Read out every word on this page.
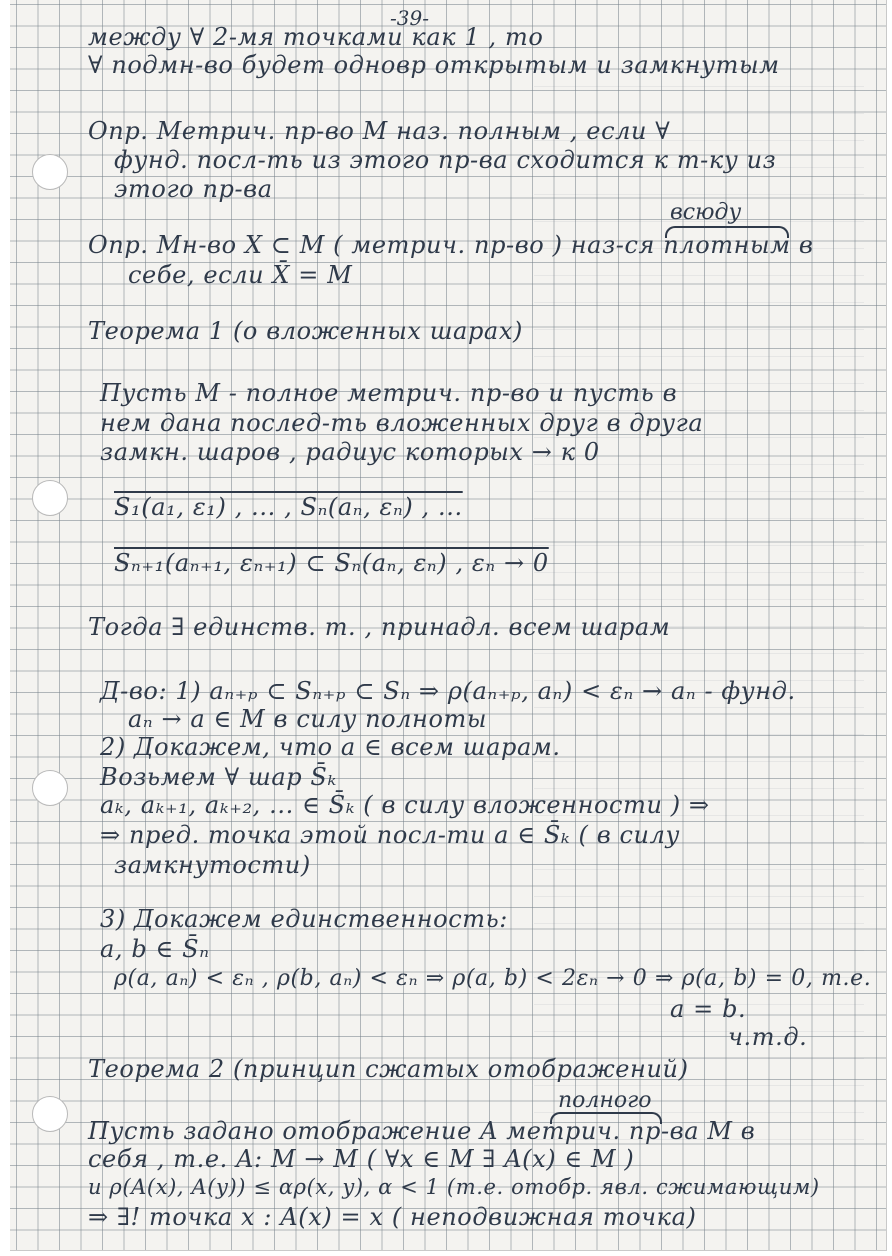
-39-
между ∀ 2-мя точками как 1 , то
∀ подмн-во будет одновр открытым и замкнутым
Опр. Метрич. пр-во M наз. полным , если ∀
фунд. посл-ть из этого пр-ва сходится к т-ку из
этого пр-ва
всюду
Опр. Мн-во X ⊂ M ( метрич. пр-во ) наз-ся плотным в
себе, если X̄ = M
Теорема 1 (о вложенных шарах)
Пусть M - полное метрич. пр-во и пусть в
нем дана послед-ть вложенных друг в друга
замкн. шаров , радиус которых → к 0
S₁(a₁, ε₁) , ... , Sₙ(aₙ, εₙ) , ...
Sₙ₊₁(aₙ₊₁, εₙ₊₁) ⊂ Sₙ(aₙ, εₙ) , εₙ → 0
Тогда ∃ единств. т. , принадл. всем шарам
Д-во: 1) aₙ₊ₚ ⊂ Sₙ₊ₚ ⊂ Sₙ ⇒ ρ(aₙ₊ₚ, aₙ) < εₙ → aₙ - фунд.
aₙ → a ∈ M в силу полноты
2) Докажем, что a ∈ всем шарам.
Возьмем ∀ шар S̄ₖ
aₖ, aₖ₊₁, aₖ₊₂, ... ∈ S̄ₖ ( в силу вложенности ) ⇒
⇒ пред. точка этой посл-ти a ∈ S̄ₖ ( в силу
замкнутости)
3) Докажем единственность:
a, b ∈ S̄ₙ
ρ(a, aₙ) < εₙ , ρ(b, aₙ) < εₙ ⇒ ρ(a, b) < 2εₙ → 0 ⇒ ρ(a, b) = 0, т.е.
a = b.
ч.т.д.
Теорема 2 (принцип сжатых отображений)
полного
Пусть задано отображение A метрич. пр-ва M в
себя , т.е. A: M → M ( ∀x ∈ M ∃ A(x) ∈ M )
и ρ(A(x), A(y)) ≤ αρ(x, y), α < 1 (т.е. отобр. явл. сжимающим)
⇒ ∃! точка x : A(x) = x ( неподвижная точка)
